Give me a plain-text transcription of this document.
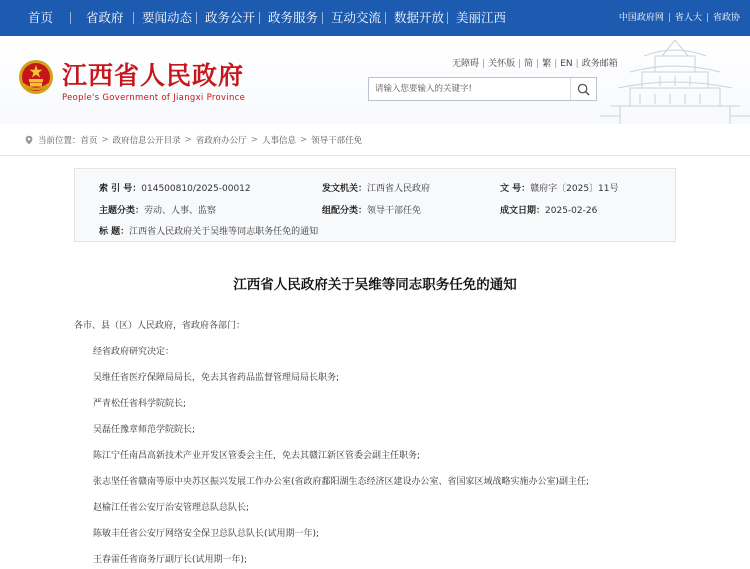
首页	省政府 要闻动态 政务公开 政务服务 互动交流 数据开放 美丽江西	中国政府网 | 省人大 | 省政协
江西省人民政府
People's Government of Jiangxi Province
无障碍 | 关怀版 | 简 | 繁 | EN | 政务邮箱
请输入您要输入的关键字!
当前位置： 首页 > 政府信息公开目录 > 省政府办公厅 > 人事信息 > 领导干部任免
索 引 号：014500810/2025-00012	发文机关：江西省人民政府	文 号：赣府字〔2025〕11号
主题分类：劳动、人事、监察	组配分类：领导干部任免	成文日期：2025-02-26
标 题：江西省人民政府关于吴维等同志职务任免的通知
江西省人民政府关于吴维等同志职务任免的通知
各市、县（区）人民政府，省政府各部门：
经省政府研究决定：
吴维任省医疗保障局局长，免去其省药品监督管理局局长职务;
严青松任省科学院院长;
吴磊任豫章师范学院院长;
陈江宁任南昌高新技术产业开发区管委会主任，免去其赣江新区管委会副主任职务;
张志坚任省赣南等原中央苏区振兴发展工作办公室(省政府鄱阳湖生态经济区建设办公室、省国家区域战略实施办公室)副主任;
赵榆江任省公安厅治安管理总队总队长;
陈敏丰任省公安厅网络安全保卫总队总队长(试用期一年);
王春雷任省商务厅副厅长(试用期一年);
